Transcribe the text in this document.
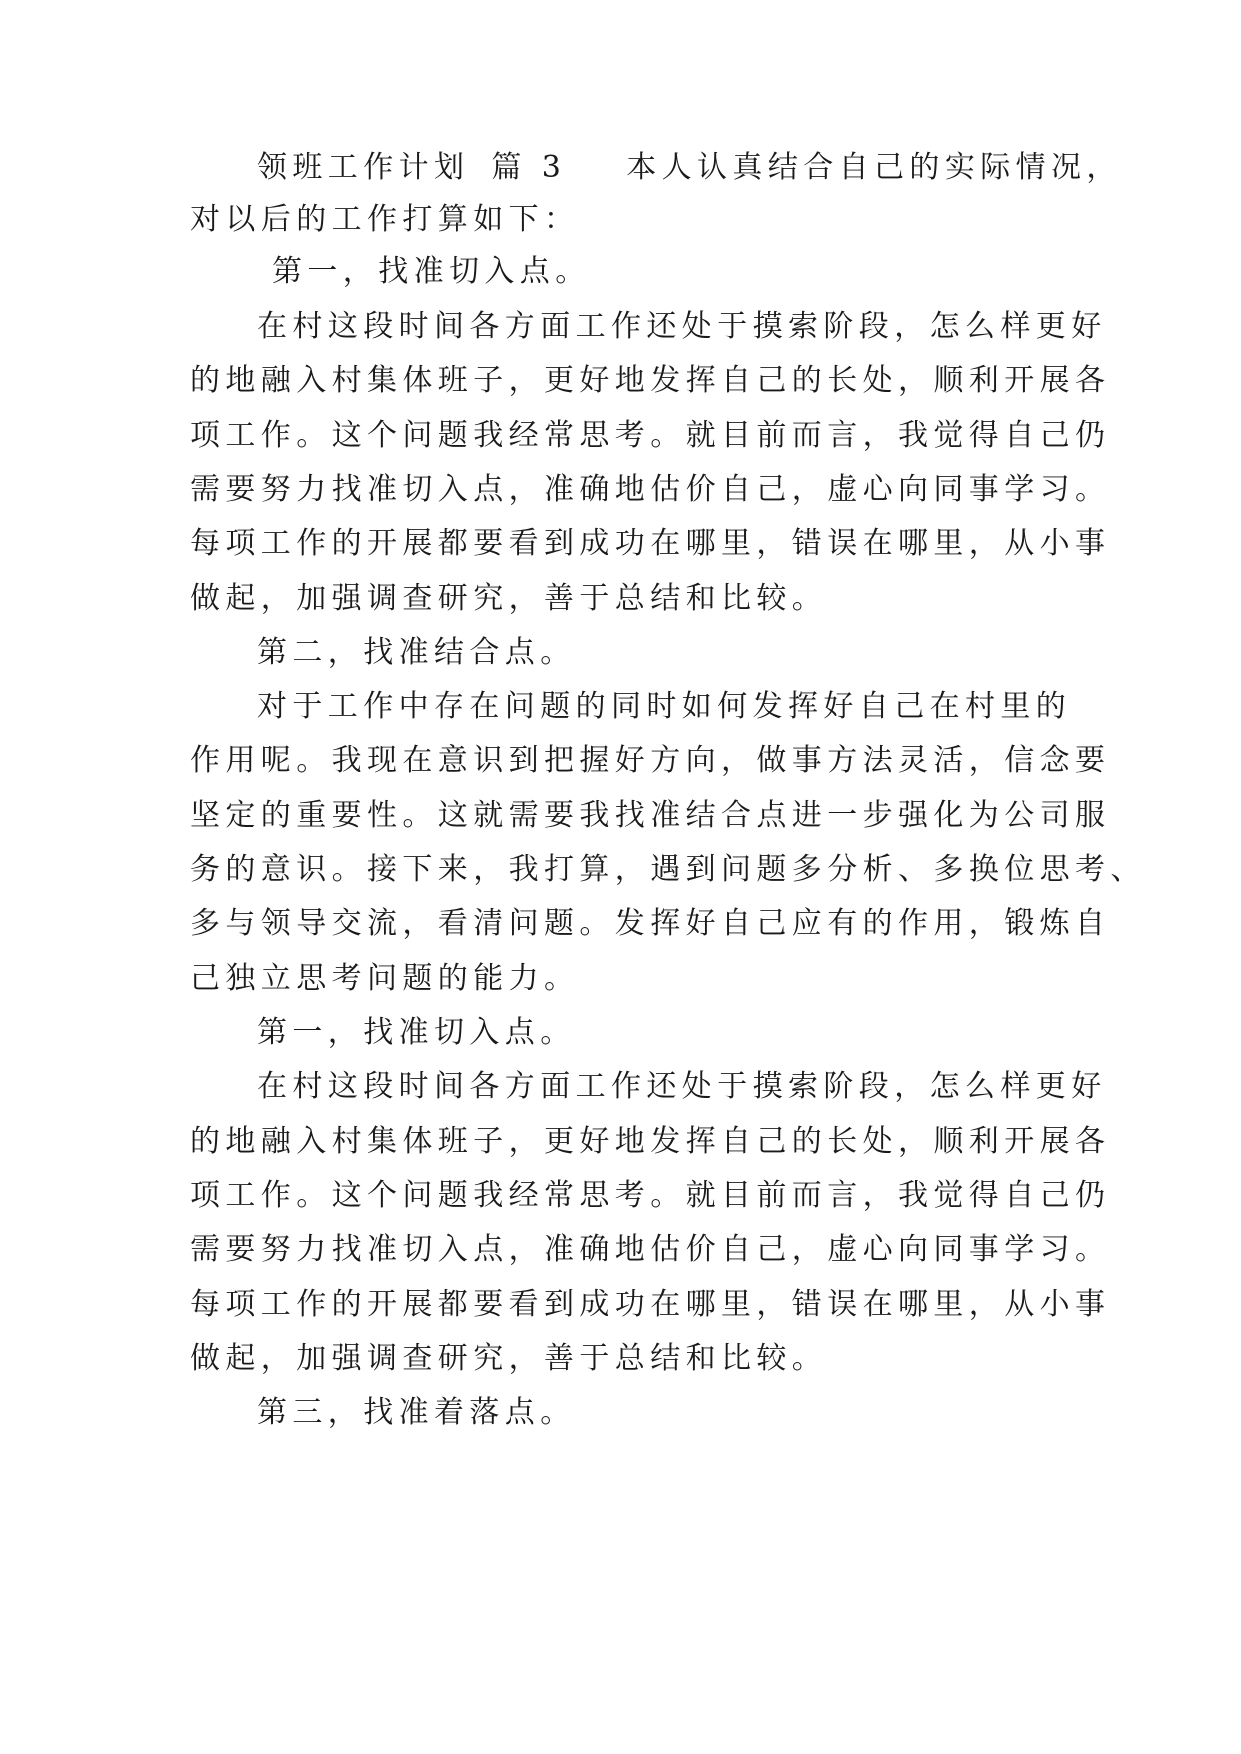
领班工作计划 篇 3 本人认真结合自己的实际情况，
对以后的工作打算如下：
第一，找准切入点。
在村这段时间各方面工作还处于摸索阶段，怎么样更好
的地融入村集体班子，更好地发挥自己的长处，顺利开展各
项工作。这个问题我经常思考。就目前而言，我觉得自己仍
需要努力找准切入点，准确地估价自己，虚心向同事学习。
每项工作的开展都要看到成功在哪里，错误在哪里，从小事
做起，加强调查研究，善于总结和比较。
第二，找准结合点。
对于工作中存在问题的同时如何发挥好自己在村里的
作用呢。我现在意识到把握好方向，做事方法灵活，信念要
坚定的重要性。这就需要我找准结合点进一步强化为公司服
务的意识。接下来，我打算，遇到问题多分析、多换位思考、
多与领导交流，看清问题。发挥好自己应有的作用，锻炼自
己独立思考问题的能力。
第一，找准切入点。
在村这段时间各方面工作还处于摸索阶段，怎么样更好
的地融入村集体班子，更好地发挥自己的长处，顺利开展各
项工作。这个问题我经常思考。就目前而言，我觉得自己仍
需要努力找准切入点，准确地估价自己，虚心向同事学习。
每项工作的开展都要看到成功在哪里，错误在哪里，从小事
做起，加强调查研究，善于总结和比较。
第三，找准着落点。
